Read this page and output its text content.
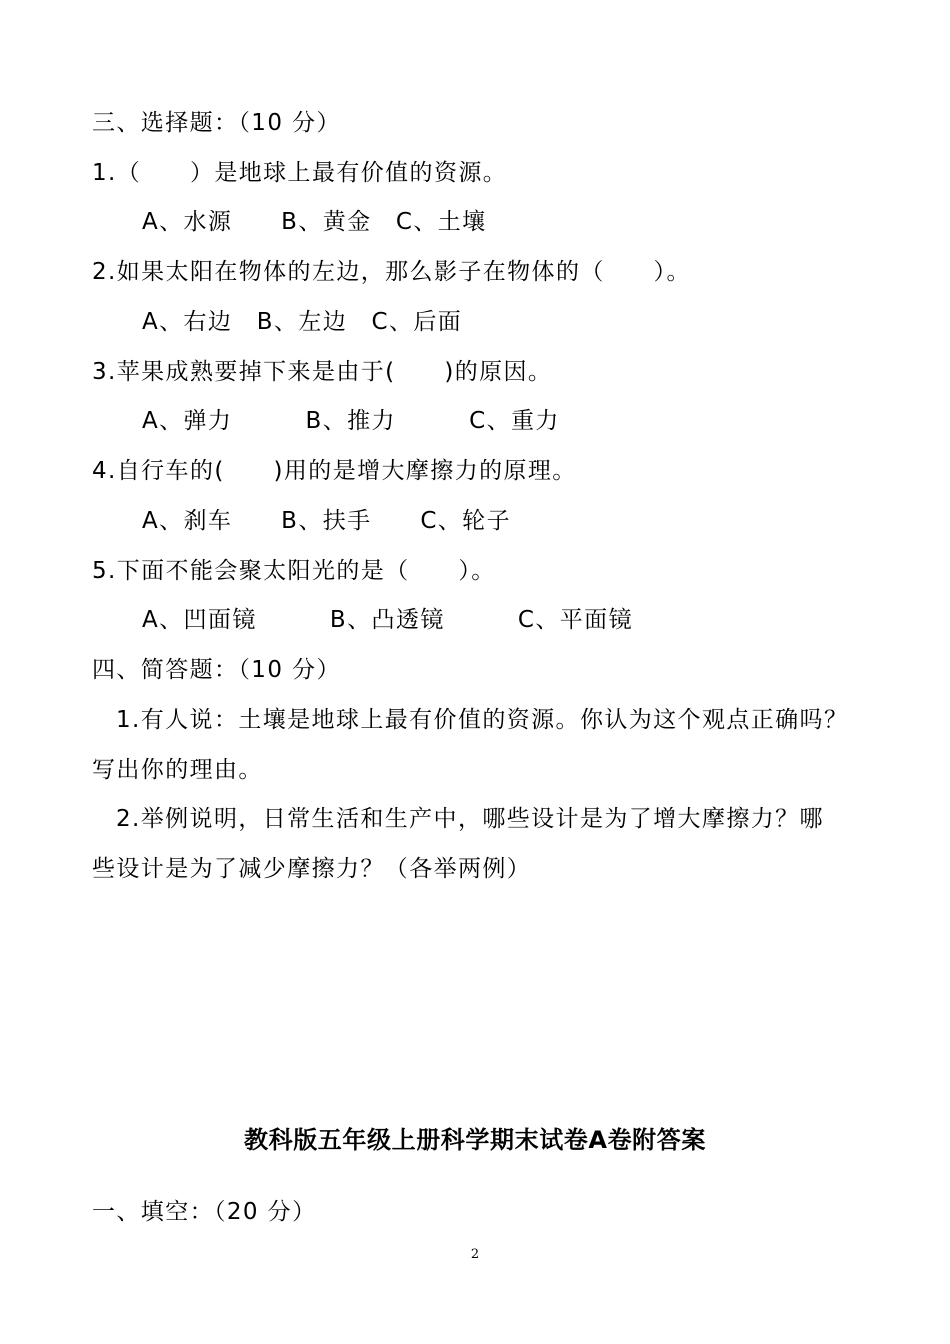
三、选择题：（10 分）
1.（　　）是地球上最有价值的资源。
A、水源　　B、黄金　C、土壤
2.如果太阳在物体的左边，那么影子在物体的（　　）。
A、右边　B、左边　C、后面
3.苹果成熟要掉下来是由于(　　)的原因。
A、弹力　　　B、推力　　　C、重力
4.自行车的(　　)用的是增大摩擦力的原理。
A、刹车　　B、扶手　　C、轮子
5.下面不能会聚太阳光的是（　　）。
A、凹面镜　　　B、凸透镜　　　C、平面镜
四、简答题：（10 分）
1.有人说：土壤是地球上最有价值的资源。你认为这个观点正确吗？
写出你的理由。
2.举例说明，日常生活和生产中，哪些设计是为了增大摩擦力？哪
些设计是为了减少摩擦力？（各举两例）
教科版五年级上册科学期末试卷A卷附答案
一、填空：（20 分）
2
